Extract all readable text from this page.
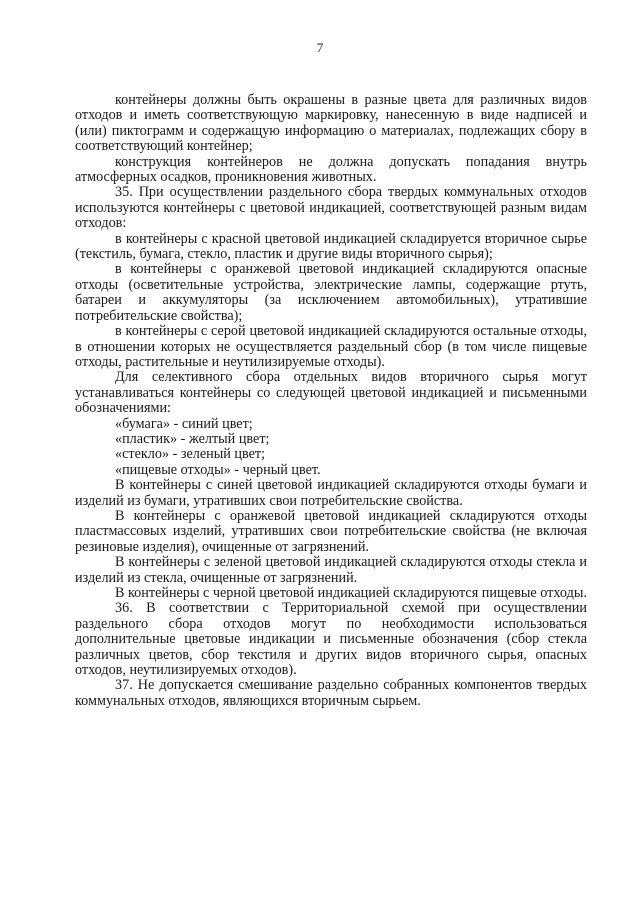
7

контейнеры должны быть окрашены в разные цвета для различных видов отходов и иметь соответствующую маркировку, нанесенную в виде надписей и (или) пиктограмм и содержащую информацию о материалах, подлежащих сбору в соответствующий контейнер;

конструкция контейнеров не должна допускать попадания внутрь атмосферных осадков, проникновения животных.

35. При осуществлении раздельного сбора твердых коммунальных отходов используются контейнеры с цветовой индикацией, соответствующей разным видам отходов:

в контейнеры с красной цветовой индикацией складируется вторичное сырье (текстиль, бумага, стекло, пластик и другие виды вторичного сырья);

в контейнеры с оранжевой цветовой индикацией складируются опасные отходы (осветительные устройства, электрические лампы, содержащие ртуть, батареи и аккумуляторы (за исключением автомобильных), утратившие потребительские свойства);

в контейнеры с серой цветовой индикацией складируются остальные отходы, в отношении которых не осуществляется раздельный сбор (в том числе пищевые отходы, растительные и неутилизируемые отходы).

Для селективного сбора отдельных видов вторичного сырья могут устанавливаться контейнеры со следующей цветовой индикацией и письменными обозначениями:

«бумага» - синий цвет;

«пластик» - желтый цвет;

«стекло» - зеленый цвет;

«пищевые отходы» - черный цвет.

В контейнеры с синей цветовой индикацией складируются отходы бумаги и изделий из бумаги, утративших свои потребительские свойства.

В контейнеры с оранжевой цветовой индикацией складируются отходы пластмассовых изделий, утративших свои потребительские свойства (не включая резиновые изделия), очищенные от загрязнений.

В контейнеры с зеленой цветовой индикацией складируются отходы стекла и изделий из стекла, очищенные от загрязнений.

В контейнеры с черной цветовой индикацией складируются пищевые отходы.

36. В соответствии с Территориальной схемой при осуществлении раздельного сбора отходов могут по необходимости использоваться дополнительные цветовые индикации и письменные обозначения (сбор стекла различных цветов, сбор текстиля и других видов вторичного сырья, опасных отходов, неутилизируемых отходов).

37. Не допускается смешивание раздельно собранных компонентов твердых коммунальных отходов, являющихся вторичным сырьем.
